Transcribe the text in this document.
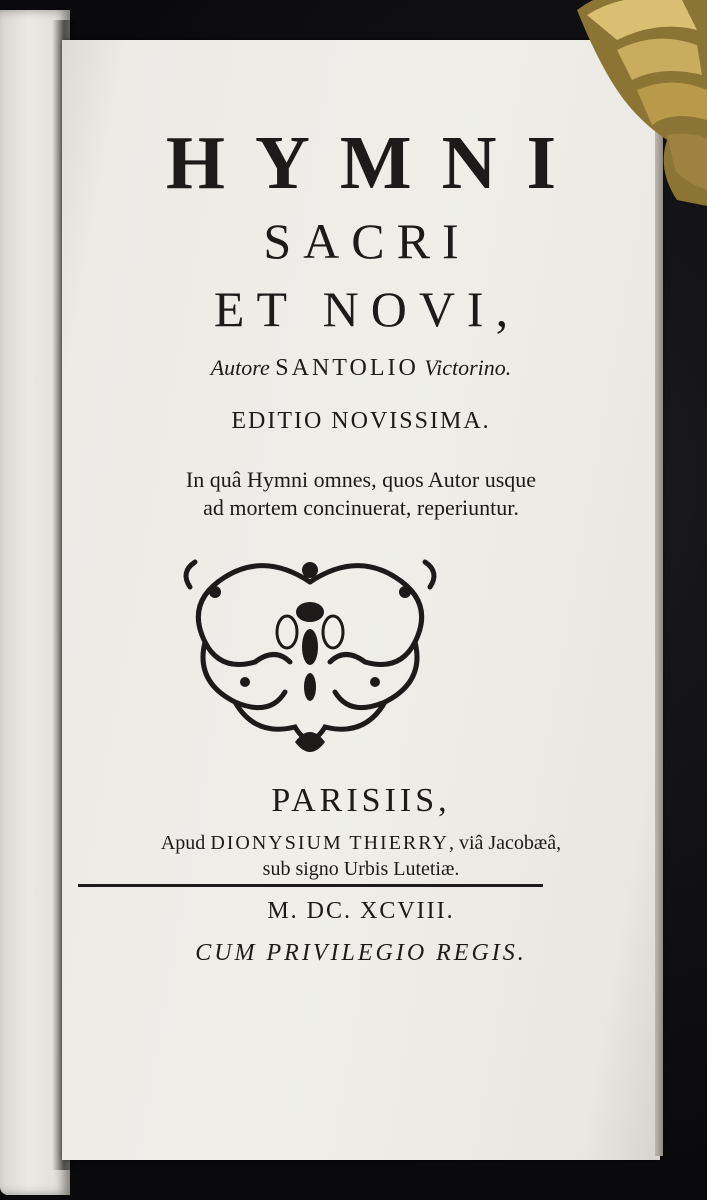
HYMNI
SACRI
ET NOVI,
Autore SANTOLIO Victorino.
EDITIO NOVISSIMA.
In quâ Hymni omnes, quos Autor usque
ad mortem concinuerat, reperiuntur.
PARISIIS,
Apud DIONYSIUM THIERRY, viâ Jacobæâ,
sub signo Urbis Lutetiæ.
M. DC. XCVIII.
CUM PRIVILEGIO REGIS.
